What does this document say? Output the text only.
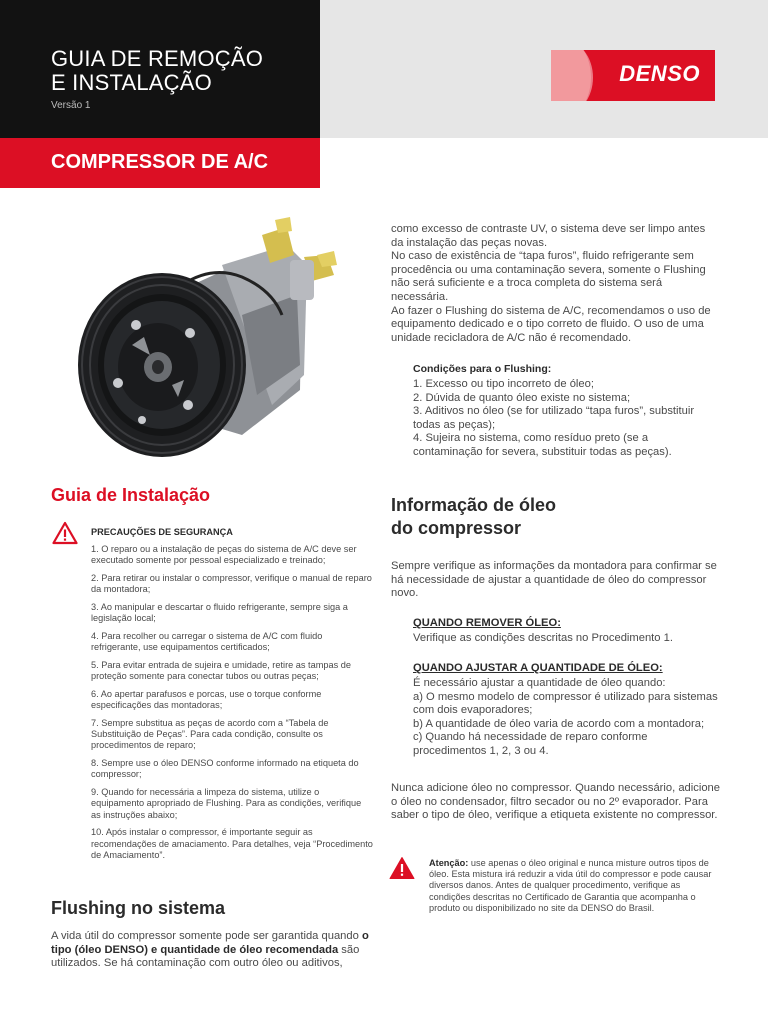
GUIA DE REMOÇÃO
E INSTALAÇÃO
Versão 1
COMPRESSOR DE A/C
DENSO
Guia de Instalação
PRECAUÇÕES DE SEGURANÇA

1. O reparo ou a instalação de peças do sistema de A/C deve ser executado somente por pessoal especializado e treinado;

2. Para retirar ou instalar o compressor, verifique o manual de reparo da montadora;

3. Ao manipular e descartar o fluido refrigerante, sempre siga a legislação local;

4. Para recolher ou carregar o sistema de A/C com fluido refrigerante, use equipamentos certificados;

5. Para evitar entrada de sujeira e umidade, retire as tampas de proteção somente para conectar tubos ou outras peças;

6. Ao apertar parafusos e porcas, use o torque conforme especificações das montadoras;

7. Sempre substitua as peças de acordo com a “Tabela de Substituição de Peças”. Para cada condição, consulte os procedimentos de reparo;

8. Sempre use o óleo DENSO conforme informado na etiqueta do compressor;

9. Quando for necessária a limpeza do sistema, utilize o equipamento apropriado de Flushing. Para as condições, verifique as instruções abaixo;

10. Após instalar o compressor, é importante seguir as recomendações de amaciamento. Para detalhes, veja “Procedimento de Amaciamento”.

Flushing no sistema

A vida útil do compressor somente pode ser garantida quando o tipo (óleo DENSO) e quantidade de óleo recomendada são utilizados. Se há contaminação com outro óleo ou aditivos,

como excesso de contraste UV, o sistema deve ser limpo antes da instalação das peças novas.

No caso de existência de “tapa furos”, fluido refrigerante sem procedência ou uma contaminação severa, somente o Flushing não será suficiente e a troca completa do sistema será necessária.

Ao fazer o Flushing do sistema de A/C, recomendamos o uso de equipamento dedicado e o tipo correto de fluido. O uso de uma unidade recicladora de A/C não é recomendado.

Condições para o Flushing:

1. Excesso ou tipo incorreto de óleo;

2. Dúvida de quanto óleo existe no sistema;

3. Aditivos no óleo (se for utilizado “tapa furos”, substituir todas as peças);

4. Sujeira no sistema, como resíduo preto (se a contaminação for severa, substituir todas as peças).

Informação de óleo
do compressor

Sempre verifique as informações da montadora para confirmar se há necessidade de ajustar a quantidade de óleo do compressor novo.

QUANDO REMOVER ÓLEO:

Verifique as condições descritas no Procedimento 1.

QUANDO AJUSTAR A QUANTIDADE DE ÓLEO:

É necessário ajustar a quantidade de óleo quando:

a) O mesmo modelo de compressor é utilizado para sistemas com dois evaporadores;

b) A quantidade de óleo varia de acordo com a montadora;

c) Quando há necessidade de reparo conforme procedimentos 1, 2, 3 ou 4.

Nunca adicione óleo no compressor. Quando necessário, adicione o óleo no condensador, filtro secador ou no 2º evaporador. Para saber o tipo de óleo, verifique a etiqueta existente no compressor.

Atenção: use apenas o óleo original e nunca misture outros tipos de óleo. Esta mistura irá reduzir a vida útil do compressor e pode causar diversos danos. Antes de qualquer procedimento, verifique as condições descritas no Certificado de Garantia que acompanha o produto ou disponibilizado no site da DENSO do Brasil.
